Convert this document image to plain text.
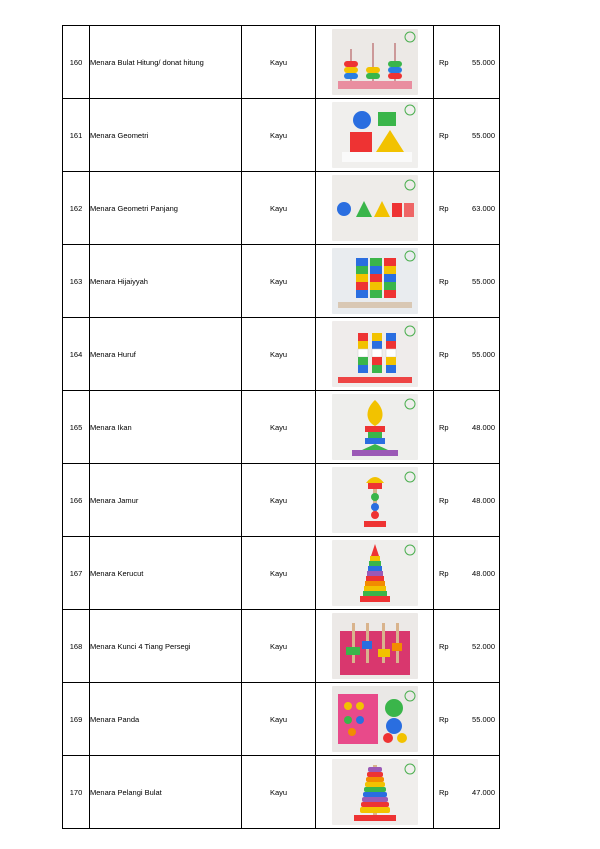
160	Menara Bulat Hitung/ donat hitung	Kayu		Rp 55.000

161	Menara Geometri	Kayu		Rp 55.000

162	Menara Geometri Panjang	Kayu		Rp 63.000

163	Menara Hijaiyyah	Kayu		Rp 55.000

164	Menara Huruf	Kayu		Rp 55.000

165	Menara Ikan	Kayu		Rp 48.000

166	Menara Jamur	Kayu		Rp 48.000

167	Menara Kerucut	Kayu		Rp 48.000

168	Menara Kunci 4 Tiang Persegi	Kayu		Rp 52.000

169	Menara Panda	Kayu		Rp 55.000

170	Menara Pelangi Bulat	Kayu		Rp 47.000
